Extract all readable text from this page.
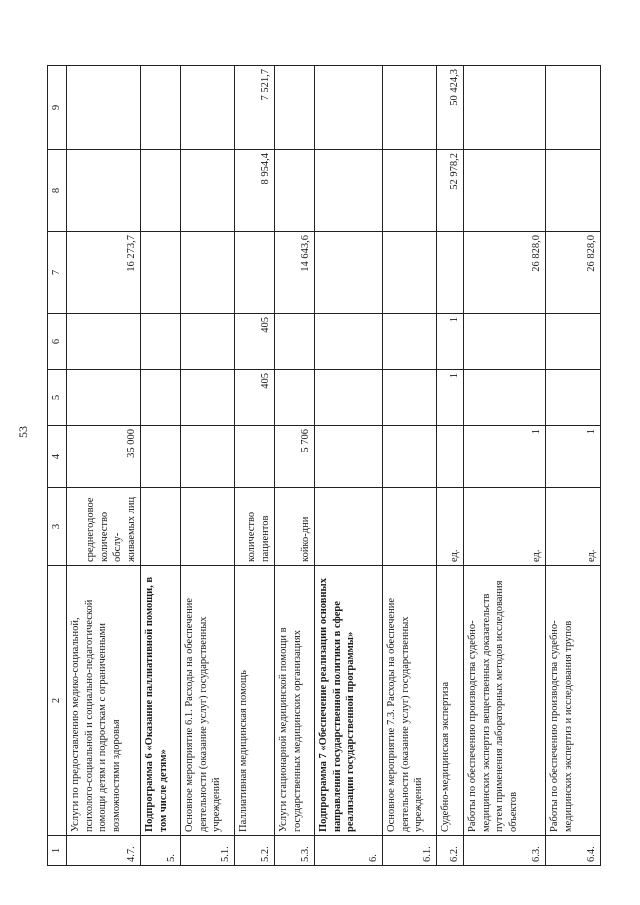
53
1	2	3	4	5	6	7	8	9
4.7.	Услуги по предоставлению медико-социальной, психолого-социальной и социально-педагогической помощи детям и подросткам с ограниченными возможностями здоровья	среднегодовое количество обслу-живаемых лиц	35 000			16 273,7		
5.	Подпрограмма 6 «Оказание паллиативной помощи, в том числе детям»							
5.1.	Основное мероприятие 6.1. Расходы на обеспечение деятельности (оказание услуг) государственных учреждений							
5.2.	Паллиативная медицинская помощь	количество пациентов		405	405		8 954,4	7 521,7
5.3.	Услуги стационарной медицинской помощи в государственных медицинских организациях	койко-дни	5 706			14 643,6		
6.	Подпрограмма 7 «Обеспечение реализации основных направлений государственной политики в сфере реализации государственной программы»							
6.1.	Основное мероприятие 7.3. Расходы на обеспечение деятельности (оказание услуг) государственных учреждений							
6.2.	Судебно-медицинская экспертиза	ед.		1	1		52 978,2	50 424,3
6.3.	Работы по обеспечению производства судебно-медицинских экспертиз вещественных доказательств путем применения лабораторных методов исследования объектов	ед.	1			26 828,0		
6.4.	Работы по обеспечению производства судебно-медицинских экспертиз и исследования трупов	ед.	1			26 828,0		
